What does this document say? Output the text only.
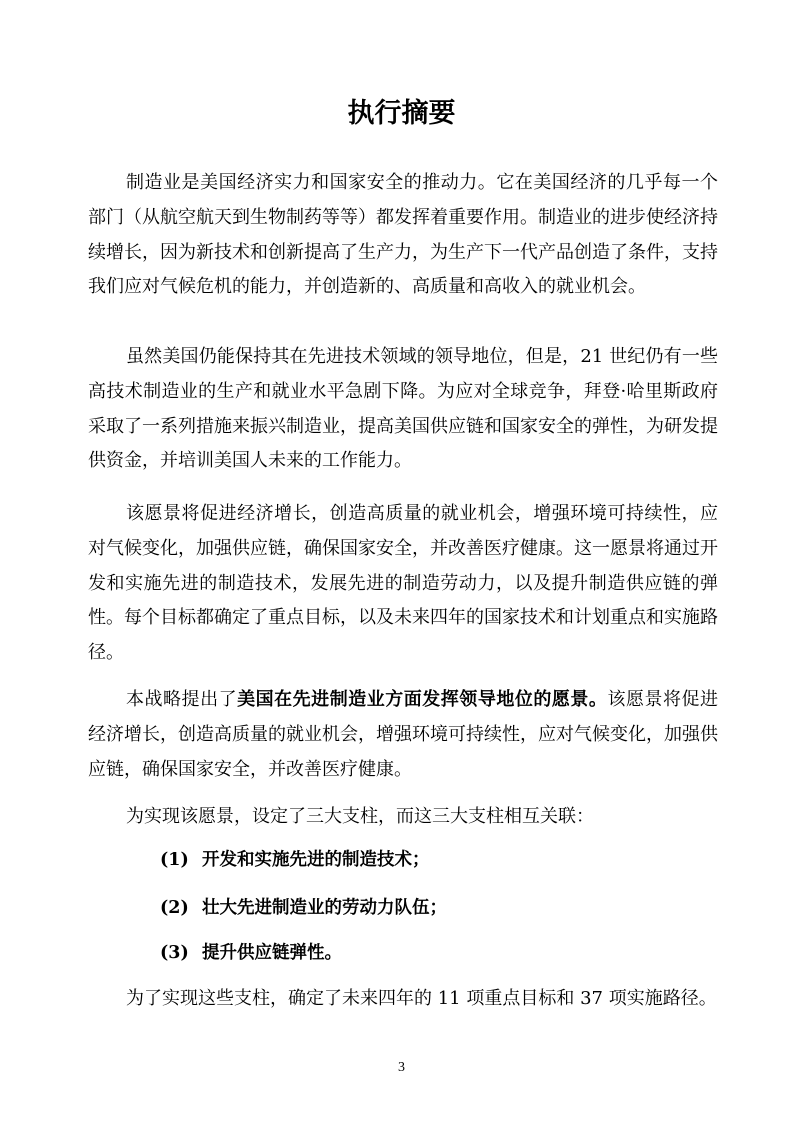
执行摘要

制造业是美国经济实力和国家安全的推动力。它在美国经济的几乎每一个部门（从航空航天到生物制药等等）都发挥着重要作用。制造业的进步使经济持续增长，因为新技术和创新提高了生产力，为生产下一代产品创造了条件，支持我们应对气候危机的能力，并创造新的、高质量和高收入的就业机会。

虽然美国仍能保持其在先进技术领域的领导地位，但是，21 世纪仍有一些高技术制造业的生产和就业水平急剧下降。为应对全球竞争，拜登·哈里斯政府采取了一系列措施来振兴制造业，提高美国供应链和国家安全的弹性，为研发提供资金，并培训美国人未来的工作能力。

该愿景将促进经济增长，创造高质量的就业机会，增强环境可持续性，应对气候变化，加强供应链，确保国家安全，并改善医疗健康。这一愿景将通过开发和实施先进的制造技术，发展先进的制造劳动力，以及提升制造供应链的弹性。每个目标都确定了重点目标，以及未来四年的国家技术和计划重点和实施路径。

本战略提出了美国在先进制造业方面发挥领导地位的愿景。该愿景将促进经济增长，创造高质量的就业机会，增强环境可持续性，应对气候变化，加强供应链，确保国家安全，并改善医疗健康。

为实现该愿景，设定了三大支柱，而这三大支柱相互关联：

(1) 开发和实施先进的制造技术；

(2) 壮大先进制造业的劳动力队伍；

(3) 提升供应链弹性。

为了实现这些支柱，确定了未来四年的 11 项重点目标和 37 项实施路径。

3
